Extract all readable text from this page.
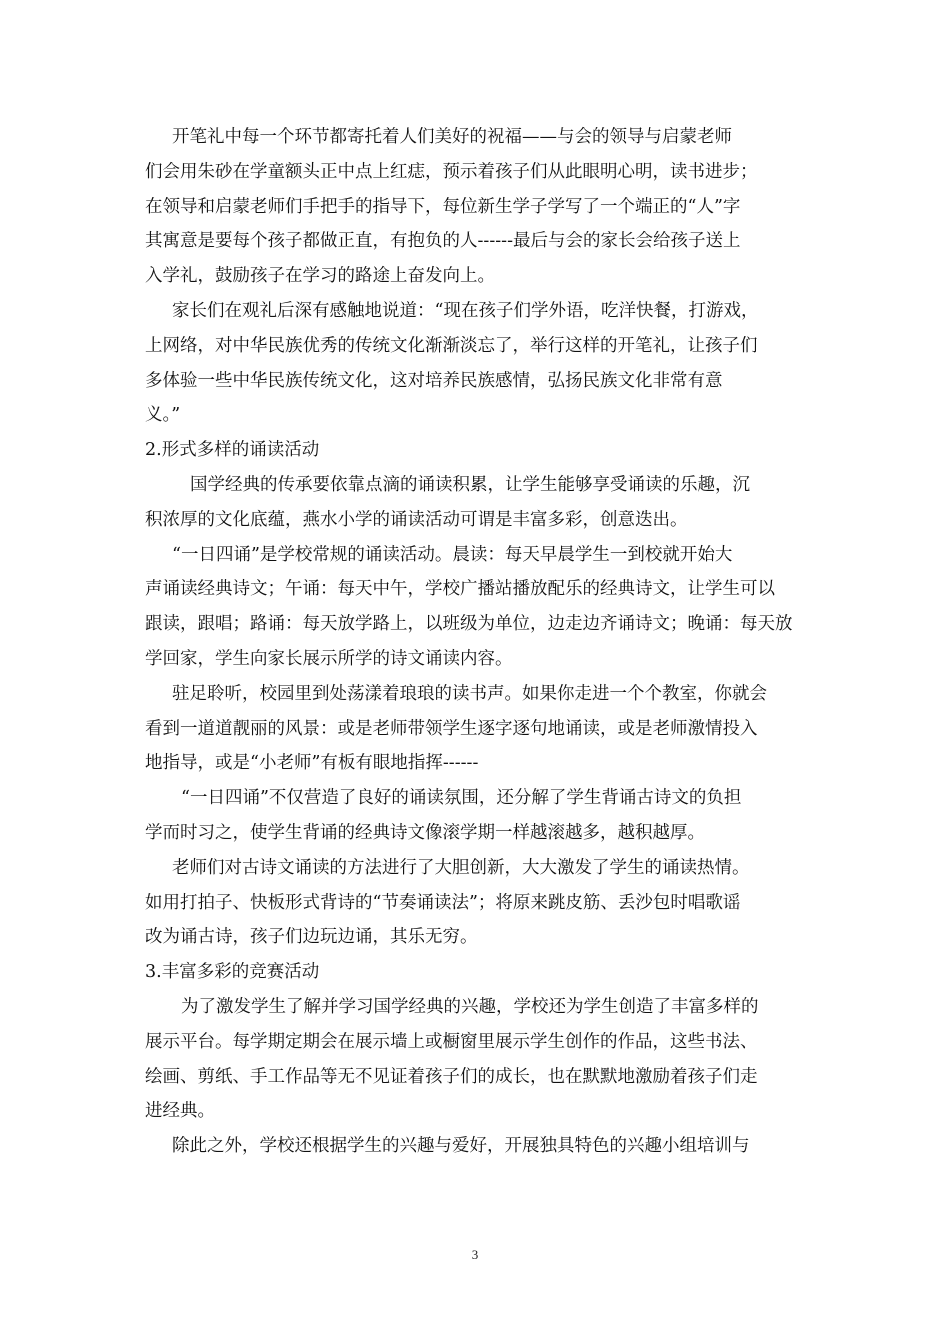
开笔礼中每一个环节都寄托着人们美好的祝福——与会的领导与启蒙老师
们会用朱砂在学童额头正中点上红痣，预示着孩子们从此眼明心明，读书进步；
在领导和启蒙老师们手把手的指导下，每位新生学子学写了一个端正的“人”字
其寓意是要每个孩子都做正直，有抱负的人------最后与会的家长会给孩子送上
入学礼，鼓励孩子在学习的路途上奋发向上。
家长们在观礼后深有感触地说道：“现在孩子们学外语，吃洋快餐，打游戏，
上网络，对中华民族优秀的传统文化渐渐淡忘了，举行这样的开笔礼，让孩子们
多体验一些中华民族传统文化，这对培养民族感情，弘扬民族文化非常有意
义。”
2.形式多样的诵读活动
国学经典的传承要依靠点滴的诵读积累，让学生能够享受诵读的乐趣，沉
积浓厚的文化底蕴，燕水小学的诵读活动可谓是丰富多彩，创意迭出。
“一日四诵”是学校常规的诵读活动。晨读：每天早晨学生一到校就开始大
声诵读经典诗文；午诵：每天中午，学校广播站播放配乐的经典诗文，让学生可以
跟读，跟唱；路诵：每天放学路上，以班级为单位，边走边齐诵诗文；晚诵：每天放
学回家，学生向家长展示所学的诗文诵读内容。
驻足聆听，校园里到处荡漾着琅琅的读书声。如果你走进一个个教室，你就会
看到一道道靓丽的风景：或是老师带领学生逐字逐句地诵读，或是老师激情投入
地指导，或是“小老师”有板有眼地指挥------
“一日四诵”不仅营造了良好的诵读氛围，还分解了学生背诵古诗文的负担
学而时习之，使学生背诵的经典诗文像滚学期一样越滚越多，越积越厚。
老师们对古诗文诵读的方法进行了大胆创新，大大激发了学生的诵读热情。
如用打拍子、快板形式背诗的“节奏诵读法”；将原来跳皮筋、丢沙包时唱歌谣
改为诵古诗，孩子们边玩边诵，其乐无穷。
3.丰富多彩的竞赛活动
为了激发学生了解并学习国学经典的兴趣，学校还为学生创造了丰富多样的
展示平台。每学期定期会在展示墙上或橱窗里展示学生创作的作品，这些书法、
绘画、剪纸、手工作品等无不见证着孩子们的成长，也在默默地激励着孩子们走
进经典。
除此之外，学校还根据学生的兴趣与爱好，开展独具特色的兴趣小组培训与
3
